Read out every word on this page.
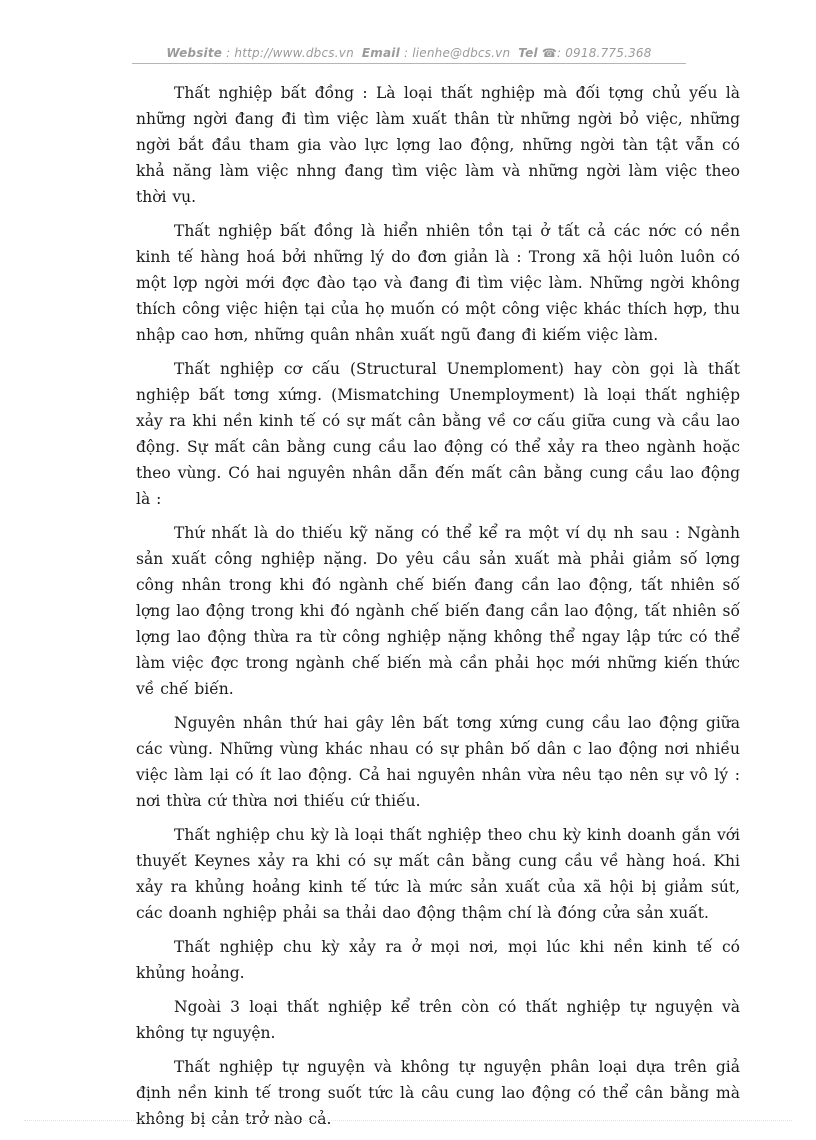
Website : http://www.dbcs.vn Email : lienhe@dbcs.vn Tel ☎: 0918.775.368

Thất nghiệp bất đồng : Là loại thất nghiệp mà đối tợng chủ yếu là những ngời đang đi tìm việc làm xuất thân từ những ngời bỏ việc, những ngời bắt đầu tham gia vào lực lợng lao động, những ngời tàn tật vẫn có khả năng làm việc nhng đang tìm việc làm và những ngời làm việc theo thời vụ.

Thất nghiệp bất đồng là hiển nhiên tồn tại ở tất cả các nớc có nền kinh tế hàng hoá bởi những lý do đơn giản là : Trong xã hội luôn luôn có một lợp ngời mới đợc đào tạo và đang đi tìm việc làm. Những ngời không thích công việc hiện tại của họ muốn có một công việc khác thích hợp, thu nhập cao hơn, những quân nhân xuất ngũ đang đi kiếm việc làm.

Thất nghiệp cơ cấu (Structural Unemploment) hay còn gọi là thất nghiệp bất tơng xứng. (Mismatching Unemployment) là loại thất nghiệp xảy ra khi nền kinh tế có sự mất cân bằng về cơ cấu giữa cung và cầu lao động. Sự mất cân bằng cung cầu lao động có thể xảy ra theo ngành hoặc theo vùng. Có hai nguyên nhân dẫn đến mất cân bằng cung cầu lao động là :

Thứ nhất là do thiếu kỹ năng có thể kể ra một ví dụ nh sau : Ngành sản xuất công nghiệp nặng. Do yêu cầu sản xuất mà phải giảm số lợng công nhân trong khi đó ngành chế biến đang cần lao động, tất nhiên số lợng lao động trong khi đó ngành chế biến đang cần lao động, tất nhiên số lợng lao động thừa ra từ công nghiệp nặng không thể ngay lập tức có thể làm việc đợc trong ngành chế biến mà cần phải học mới những kiến thức về chế biến.

Nguyên nhân thứ hai gây lên bất tơng xứng cung cầu lao động giữa các vùng. Những vùng khác nhau có sự phân bố dân c lao động nơi nhiều việc làm lại có ít lao động. Cả hai nguyên nhân vừa nêu tạo nên sự vô lý : nơi thừa cứ thừa nơi thiếu cứ thiếu.

Thất nghiệp chu kỳ là loại thất nghiệp theo chu kỳ kinh doanh gắn với thuyết Keynes xảy ra khi có sự mất cân bằng cung cầu về hàng hoá. Khi xảy ra khủng hoảng kinh tế tức là mức sản xuất của xã hội bị giảm sút, các doanh nghiệp phải sa thải dao động thậm chí là đóng cửa sản xuất.

Thất nghiệp chu kỳ xảy ra ở mọi nơi, mọi lúc khi nền kinh tế có khủng hoảng.

Ngoài 3 loại thất nghiệp kể trên còn có thất nghiệp tự nguyện và không tự nguyện.

Thất nghiệp tự nguyện và không tự nguyện phân loại dựa trên giả định nền kinh tế trong suốt tức là câu cung lao động có thể cân bằng mà không bị cản trở nào cả.
